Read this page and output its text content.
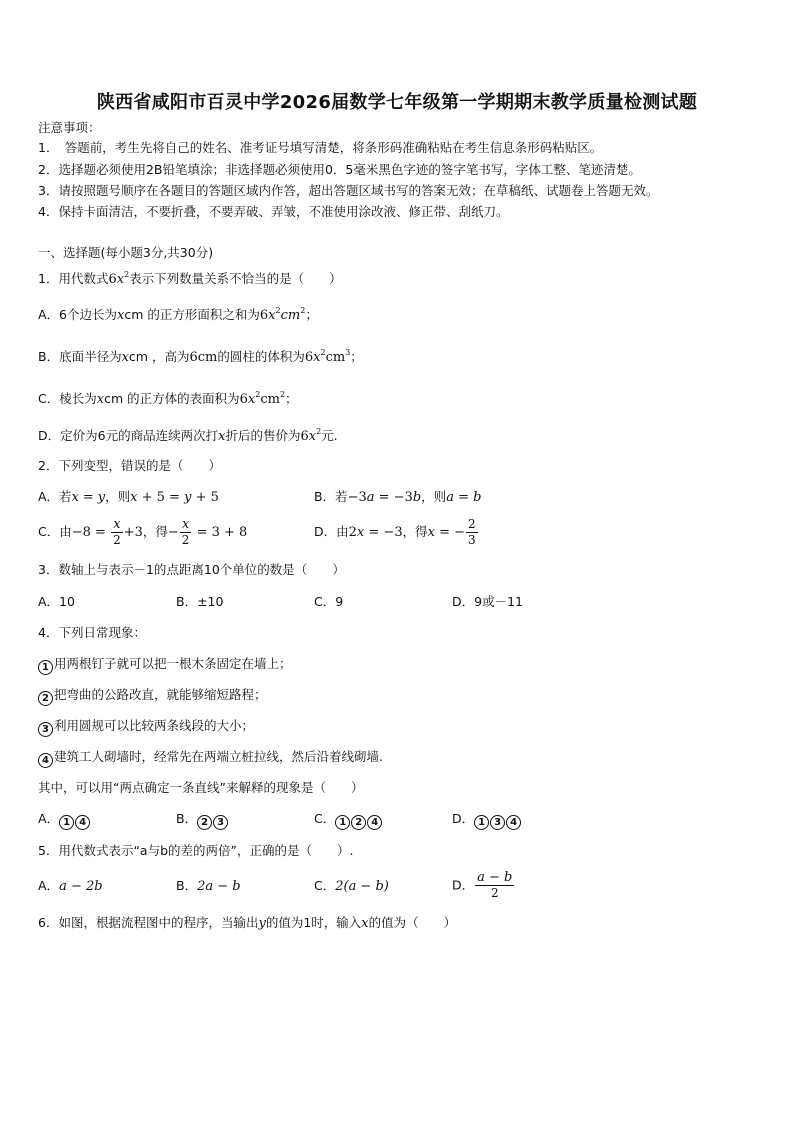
陕西省咸阳市百灵中学2026届数学七年级第一学期期末教学质量检测试题
注意事项：
1．　答题前，考生先将自己的姓名、准考证号填写清楚，将条形码准确粘贴在考生信息条形码粘贴区。
2．选择题必须使用2B铅笔填涂；非选择题必须使用0．5毫米黑色字迹的签字笔书写，字体工整、笔迹清楚。
3．请按照题号顺序在各题目的答题区域内作答，超出答题区域书写的答案无效；在草稿纸、试题卷上答题无效。
4．保持卡面清洁，不要折叠，不要弄破、弄皱，不准使用涂改液、修正带、刮纸刀。
一、选择题(每小题3分,共30分)
1．用代数式$6x^2$表示下列数量关系不恰当的是（　　）
A．6个边长为xcm 的正方形面积之和为$6x^2cm^2$；
B．底面半径为xcm ，高为6cm的圆柱的体积为$6x^2cm^3$；
C．棱长为xcm 的正方体的表面积为$6x^2cm^2$；
D．定价为6元的商品连续两次打x折后的售价为$6x^2$元.
2．下列变型，错误的是（　　）
A．若x = y，则x + 5 = y + 5	B．若−3a = −3b，则a = b
C．由$-8 = \frac{x}{2} +3$，得− $\frac{x}{2} = 3 + 8$	D．由2x = −3，得x = − $\frac{2}{3}$
3．数轴上与表示－1的点距离10个单位的数是（　　）
A．10	B．±10	C．9	D．9或－11
4．下列日常现象：
1 用两根钉子就可以把一根木条固定在墙上；
2 把弯曲的公路改直，就能够缩短路程；
3 利用圆规可以比较两条线段的大小；
4 建筑工人砌墙时，经常先在两端立桩拉线，然后沿着线砌墙.
其中，可以用“两点确定一条直线”来解释的现象是（　　）
A． 1 4	B． 2 3	C． 1 2 4	D． 1 3 4
5．用代数式表示“a与b的差的两倍”，正确的是（　　）.
A．a − 2b	B．2a − b	C．2(a − b)	D． $\frac{a - b}{2}$
6．如图，根据流程图中的程序，当输出y的值为1时，输入x的值为（　　）
